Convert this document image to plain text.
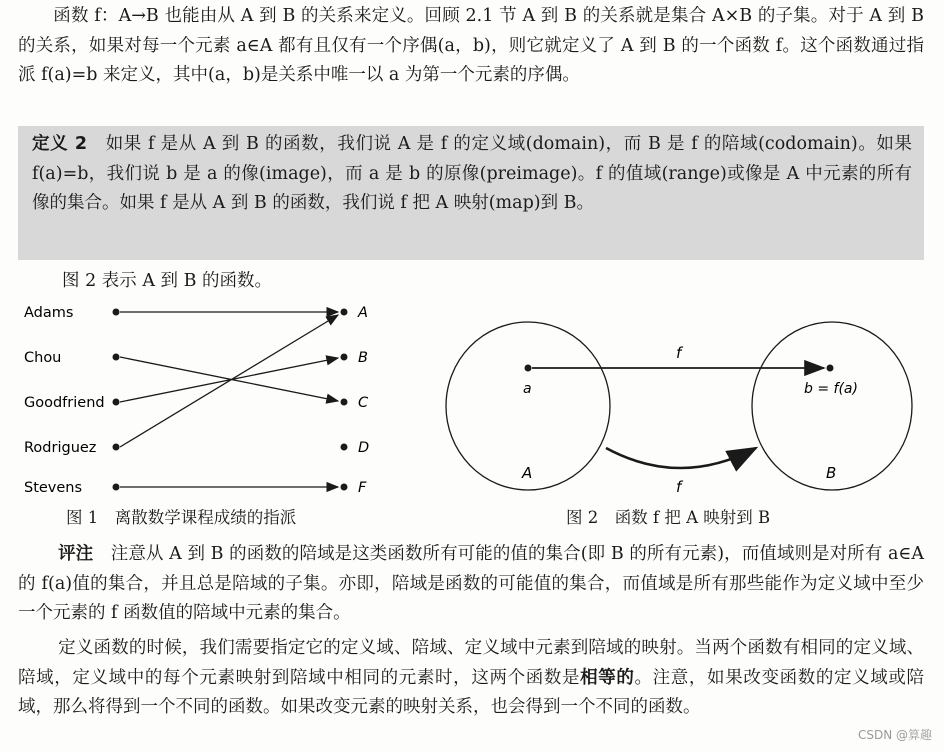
　　函数 f：A→B 也能由从 A 到 B 的关系来定义。回顾 2.1 节 A 到 B 的关系就是集合 A×B 的子集。对于 A 到 B 的关系，如果对每一个元素 a∈A 都有且仅有一个序偶(a，b)，则它就定义了 A 到 B 的一个函数 f。这个函数通过指派 f(a)=b 来定义，其中(a，b)是关系中唯一以 a 为第一个元素的序偶。

定义 2　如果 f 是从 A 到 B 的函数，我们说 A 是 f 的定义域(domain)，而 B 是 f 的陪域(codomain)。如果 f(a)=b，我们说 b 是 a 的像(image)，而 a 是 b 的原像(preimage)。f 的值域(range)或像是 A 中元素的所有像的集合。如果 f 是从 A 到 B 的函数，我们说 f 把 A 映射(map)到 B。

图 2 表示 A 到 B 的函数。
Adams
Chou
Goodfriend
Rodriguez
Stevens
A
B
C
D
F
f
f
a	b = f(a)
A	B
图 1　离散数学课程成绩的指派	图 2　函数 f 把 A 映射到 B

评注　注意从 A 到 B 的函数的陪域是这类函数所有可能的值的集合(即 B 的所有元素)，而值域则是对所有 a∈A 的 f(a)值的集合，并且总是陪域的子集。亦即，陪域是函数的可能值的集合，而值域是所有那些能作为定义域中至少一个元素的 f 函数值的陪域中元素的集合。

定义函数的时候，我们需要指定它的定义域、陪域、定义域中元素到陪域的映射。当两个函数有相同的定义域、陪域，定义域中的每个元素映射到陪域中相同的元素时，这两个函数是相等的。注意，如果改变函数的定义域或陪域，那么将得到一个不同的函数。如果改变元素的映射关系，也会得到一个不同的函数。

CSDN @算趣
